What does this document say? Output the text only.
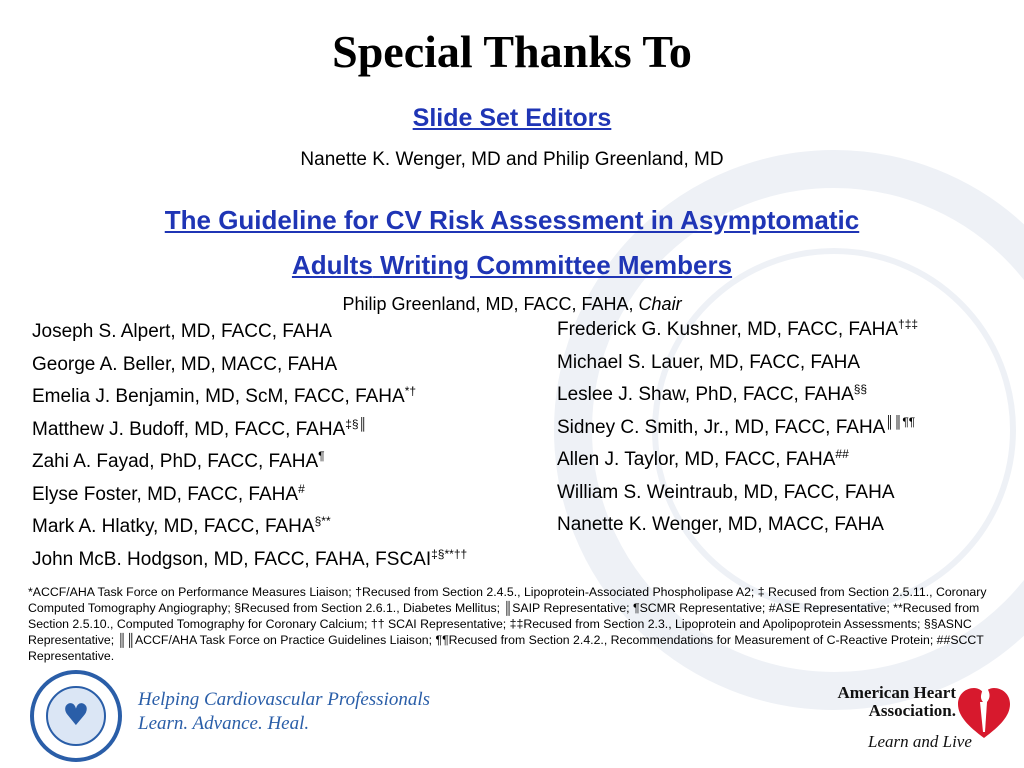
Special Thanks To
Slide Set Editors
Nanette K. Wenger, MD and Philip Greenland, MD
The Guideline for CV Risk Assessment in Asymptomatic
Adults Writing Committee Members
Philip Greenland, MD, FACC, FAHA, Chair
Joseph S. Alpert, MD, FACC, FAHA
George A. Beller, MD, MACC, FAHA
Emelia J. Benjamin, MD, ScM, FACC, FAHA*†
Matthew J. Budoff, MD, FACC, FAHA‡§║
Zahi A. Fayad, PhD, FACC, FAHA¶
Elyse Foster, MD, FACC, FAHA#
Mark A. Hlatky, MD, FACC, FAHA§**
John McB. Hodgson, MD, FACC, FAHA, FSCAI‡§**††
Frederick G. Kushner, MD, FACC, FAHA†‡‡
Michael S. Lauer, MD, FACC, FAHA
Leslee J. Shaw, PhD, FACC, FAHA§§
Sidney C. Smith, Jr., MD, FACC, FAHA║║¶¶
Allen J. Taylor, MD, FACC, FAHA##
William S. Weintraub, MD, FACC, FAHA
Nanette K. Wenger, MD, MACC, FAHA
*ACCF/AHA Task Force on Performance Measures Liaison; †Recused from Section 2.4.5., Lipoprotein-Associated Phospholipase A2; ‡ Recused from Section 2.5.11., Coronary Computed Tomography Angiography; §Recused from Section 2.6.1., Diabetes Mellitus; ║SAIP Representative; ¶SCMR Representative; #ASE Representative; **Recused from Section 2.5.10., Computed Tomography for Coronary Calcium; †† SCAI Representative; ‡‡Recused from Section 2.3., Lipoprotein and Apolipoprotein Assessments; §§ASNC Representative; ║║ACCF/AHA Task Force on Practice Guidelines Liaison; ¶¶Recused from Section 2.4.2., Recommendations for Measurement of C-Reactive Protein; ##SCCT Representative.
♥	Helping Cardiovascular Professionals
Learn. Advance. Heal.
American Heart
Association.
Learn and Live
